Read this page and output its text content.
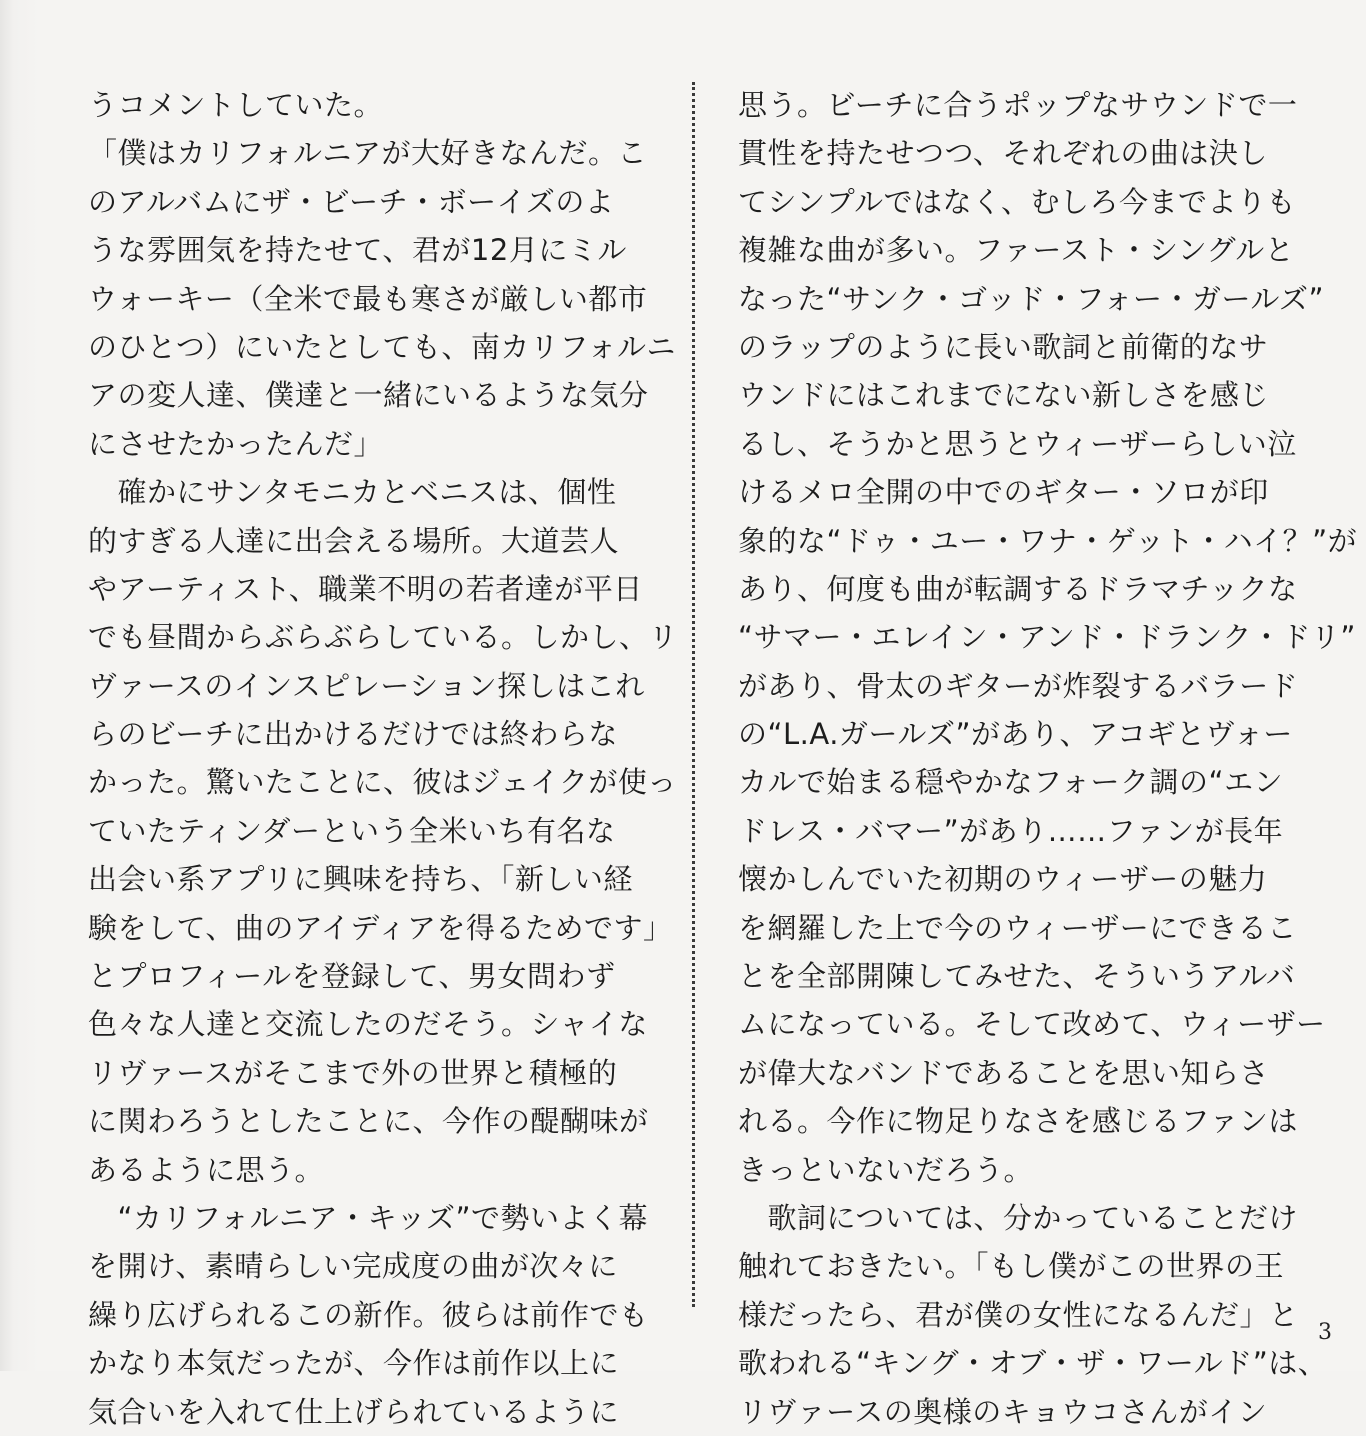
うコメントしていた。
「僕はカリフォルニアが大好きなんだ。こ
のアルバムにザ・ビーチ・ボーイズのよ
うな雰囲気を持たせて、君が12月にミル
ウォーキー（全米で最も寒さが厳しい都市
のひとつ）にいたとしても、南カリフォルニ
アの変人達、僕達と一緒にいるような気分
にさせたかったんだ」
　確かにサンタモニカとベニスは、個性
的すぎる人達に出会える場所。大道芸人
やアーティスト、職業不明の若者達が平日
でも昼間からぶらぶらしている。しかし、リ
ヴァースのインスピレーション探しはこれ
らのビーチに出かけるだけでは終わらな
かった。驚いたことに、彼はジェイクが使っ
ていたティンダーという全米いち有名な
出会い系アプリに興味を持ち、「新しい経
験をして、曲のアイディアを得るためです」
とプロフィールを登録して、男女問わず
色々な人達と交流したのだそう。シャイな
リヴァースがそこまで外の世界と積極的
に関わろうとしたことに、今作の醍醐味が
あるように思う。
　“カリフォルニア・キッズ”で勢いよく幕
を開け、素晴らしい完成度の曲が次々に
繰り広げられるこの新作。彼らは前作でも
かなり本気だったが、今作は前作以上に
気合いを入れて仕上げられているように
思う。ビーチに合うポップなサウンドで一
貫性を持たせつつ、それぞれの曲は決し
てシンプルではなく、むしろ今までよりも
複雑な曲が多い。ファースト・シングルと
なった“サンク・ゴッド・フォー・ガールズ”
のラップのように長い歌詞と前衛的なサ
ウンドにはこれまでにない新しさを感じ
るし、そうかと思うとウィーザーらしい泣
けるメロ全開の中でのギター・ソロが印
象的な“ドゥ・ユー・ワナ・ゲット・ハイ？”が
あり、何度も曲が転調するドラマチックな
“サマー・エレイン・アンド・ドランク・ドリ”
があり、骨太のギターが炸裂するバラード
の“L.A.ガールズ”があり、アコギとヴォー
カルで始まる穏やかなフォーク調の“エン
ドレス・バマー”があり……ファンが長年
懐かしんでいた初期のウィーザーの魅力
を網羅した上で今のウィーザーにできるこ
とを全部開陳してみせた、そういうアルバ
ムになっている。そして改めて、ウィーザー
が偉大なバンドであることを思い知らさ
れる。今作に物足りなさを感じるファンは
きっといないだろう。
　歌詞については、分かっていることだけ
触れておきたい。「もし僕がこの世界の王
様だったら、君が僕の女性になるんだ」と
歌われる“キング・オブ・ザ・ワールド”は、
リヴァースの奥様のキョウコさんがイン
3
